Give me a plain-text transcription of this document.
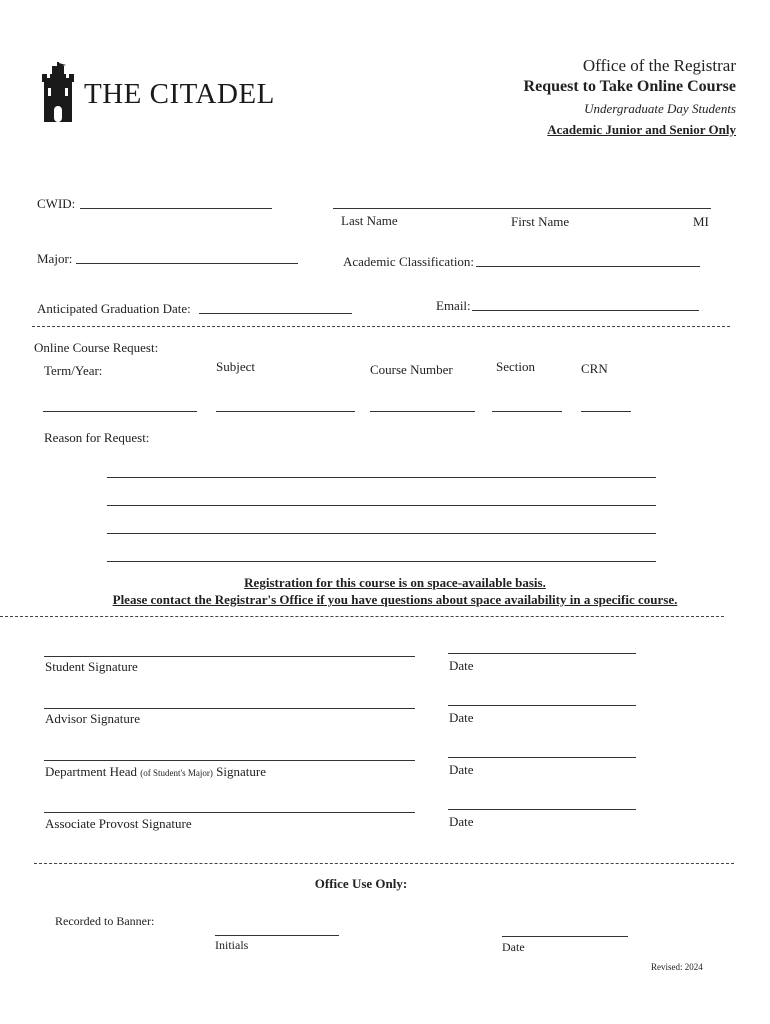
THE CITADEL
Office of the Registrar
Request to Take Online Course
Undergraduate Day Students
Academic Junior and Senior Only
CWID:
Last Name	First Name	MI
Major:	Academic Classification:
Anticipated Graduation Date:	Email:
Online Course Request:
Term/Year:	Subject	Course Number	Section	CRN
Reason for Request:
Registration for this course is on space-available basis.
Please contact the Registrar's Office if you have questions about space availability in a specific course.
Student Signature	Date
Advisor Signature	Date
Department Head (of Student's Major) Signature	Date
Associate Provost Signature	Date
Office Use Only:
Recorded to Banner:
Initials	Date
Revised: 2024
